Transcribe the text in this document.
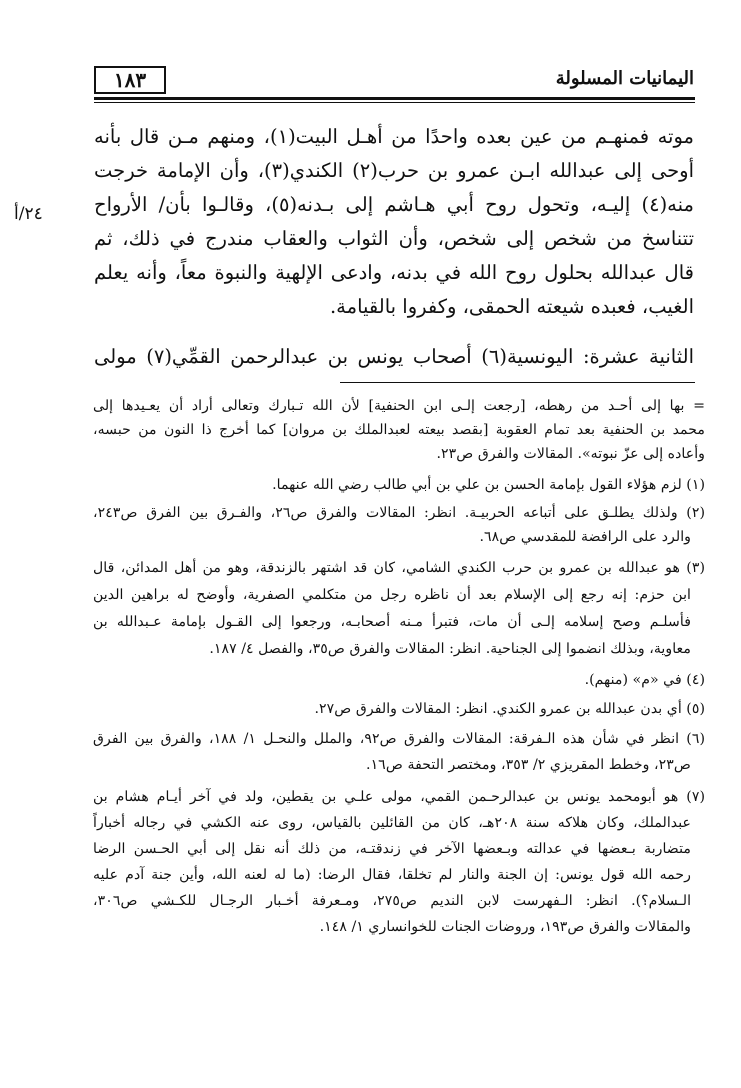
١٨٣	اليمانيات المسلولة
٢٤/أ
موته فمنهـم من عين بعده واحدًا من أهـل البيت(١)، ومنهم مـن قال بأنه
أوحى إلى عبدالله ابـن عمرو بن حرب(٢) الكندي(٣)، وأن الإمامة خرجت
منه(٤) إليـه، وتحول روح أبي هـاشم إلى بـدنه(٥)، وقالـوا بأن/ الأرواح
تتناسخ من شخص إلى شخص، وأن الثواب والعقاب مندرج في ذلك، ثم
قال عبدالله بحلول روح الله في بدنه، وادعى الإلهية والنبوة معاً، وأنه يعلم
الغيب، فعبده شيعته الحمقى، وكفروا بالقيامة.
الثانية عشرة: اليونسية(٦) أصحاب يونس بن عبدالرحمن القمِّي(٧) مولى
= بها إلى أحـد من رهطه، [رجعت إلـى ابن الحنفية] لأن الله تـبارك وتعالى أراد أن يعـيدها إلى
محمد بن الحنفية بعد تمام العقوبة [بقصد بيعته لعبدالملك بن مروان] كما أخرج ذا النون من حبسه،
وأعاده إلى عزّ نبوته». المقالات والفرق ص٢٣.
(١) لزم هؤلاء القول بإمامة الحسن بن علي بن أبي طالب رضي الله عنهما.
(٢) ولذلك يطلـق على أتباعه الحربيـة. انظر: المقالات والفرق ص٢٦، والفـرق بين الفرق ص٢٤٣،
والرد على الرافضة للمقدسي ص٦٨.
(٣) هو عبدالله بن عمرو بن حرب الكندي الشامي، كان قد اشتهر بالزندقة، وهو من أهل المدائن، قال
ابن حزم: إنه رجع إلى الإسلام بعد أن ناظره رجل من متكلمي الصفرية، وأوضح له براهين الدين
فأسلـم وصح إسلامه إلـى أن مات، فتبرأ مـنه أصحابـه، ورجعوا إلى القـول بإمامة عـبدالله بن
معاوية، وبذلك انضموا إلى الجناحية. انظر: المقالات والفرق ص٣٥، والفصل ٤/ ١٨٧.
(٤) في «م» (منهم).
(٥) أي بدن عبدالله بن عمرو الكندي. انظر: المقالات والفرق ص٢٧.
(٦) انظر في شأن هذه الـفرقة: المقالات والفرق ص٩٢، والملل والنحـل ١/ ١٨٨، والفرق بين الفرق
ص٢٣، وخطط المقريزي ٢/ ٣٥٣، ومختصر التحفة ص١٦.
(٧) هو أبومحمد يونس بن عبدالرحـمن القمي، مولى علـي بن يقطين، ولد في آخر أيـام هشام بن
عبدالملك، وكان هلاكه سنة ٢٠٨هـ، كان من القائلين بالقياس، روى عنه الكشي في رجاله أخباراً
متضاربة بـعضها في عدالته وبـعضها الآخر في زندقتـه، من ذلك أنه نقل إلى أبي الحـسن الرضا
رحمه الله قول يونس: إن الجنة والنار لم تخلقا، فقال الرضا: (ما له لعنه الله، وأين جنة آدم عليه
الـسلام؟). انظر: الـفهرست لابن النديم ص٢٧٥، ومـعرفة أخـبار الرجـال للكـشي ص٣٠٦،
والمقالات والفرق ص١٩٣، وروضات الجنات للخوانساري ١/ ١٤٨.
